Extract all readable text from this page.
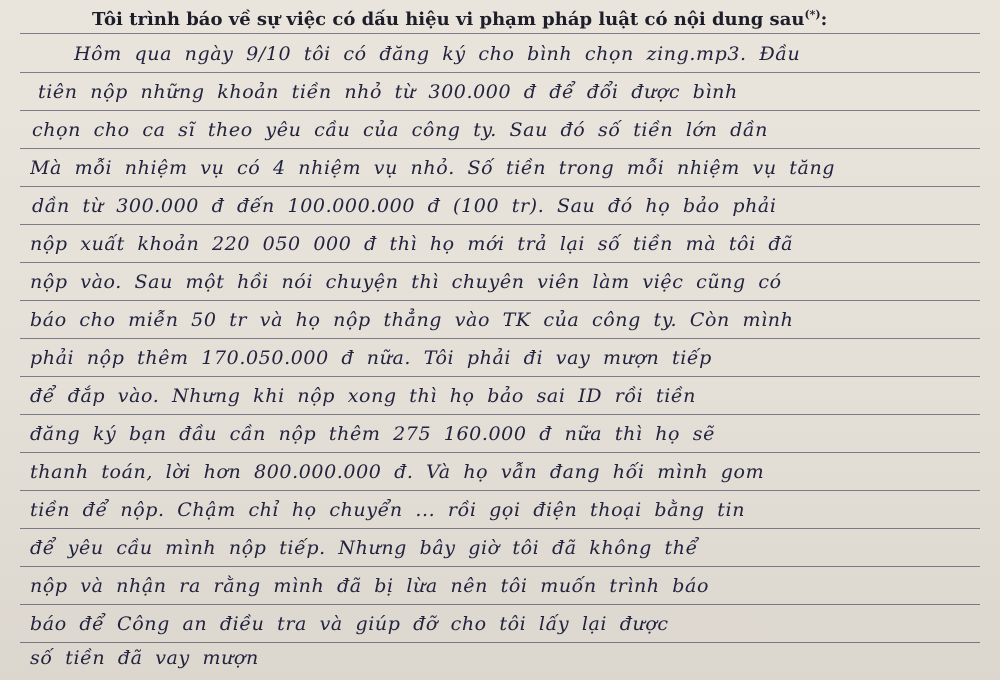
Tôi trình báo về sự việc có dấu hiệu vi phạm pháp luật có nội dung sau(*):
Hôm qua ngày 9/10 tôi có đăng ký cho bình chọn zing.mp3. Đầu
tiên nộp những khoản tiền nhỏ từ 300.000 đ để đổi được bình
chọn cho ca sĩ theo yêu cầu của công ty. Sau đó số tiền lớn dần
Mà mỗi nhiệm vụ có 4 nhiệm vụ nhỏ. Số tiền trong mỗi nhiệm vụ tăng
dần từ 300.000 đ đến 100.000.000 đ (100 tr). Sau đó họ bảo phải
nộp xuất khoản 220 050 000 đ thì họ mới trả lại số tiền mà tôi đã
nộp vào. Sau một hồi nói chuyện thì chuyên viên làm việc cũng có
báo cho miễn 50 tr và họ nộp thẳng vào TK của công ty. Còn mình
phải nộp thêm 170.050.000 đ nữa. Tôi phải đi vay mượn tiếp
để đắp vào. Nhưng khi nộp xong thì họ bảo sai ID rồi tiền
đăng ký bạn đầu cần nộp thêm 275 160.000 đ nữa thì họ sẽ
thanh toán, lời hơn 800.000.000 đ. Và họ vẫn đang hối mình gom
tiền để nộp. Chậm chỉ họ chuyển ... rồi gọi điện thoại bằng tin
để yêu cầu mình nộp tiếp. Nhưng bây giờ tôi đã không thể
nộp và nhận ra rằng mình đã bị lừa nên tôi muốn trình báo
báo để Công an điều tra và giúp đỡ cho tôi lấy lại được
số tiền đã vay mượn
